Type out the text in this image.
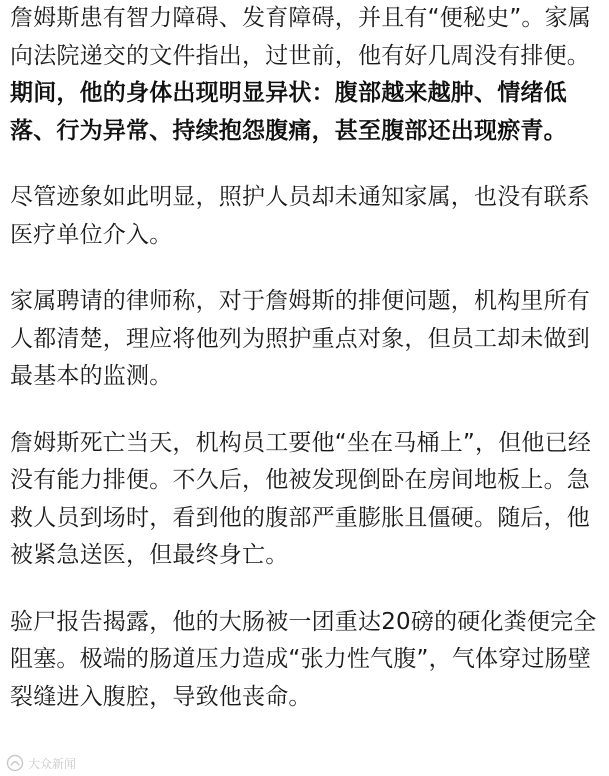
詹姆斯患有智力障碍、发育障碍，并且有“便秘史”。家属向法院递交的文件指出，过世前，他有好几周没有排便。期间，他的身体出现明显异状：腹部越来越肿、情绪低落、行为异常、持续抱怨腹痛，甚至腹部还出现瘀青。

尽管迹象如此明显，照护人员却未通知家属，也没有联系医疗单位介入。

家属聘请的律师称，对于詹姆斯的排便问题，机构里所有人都清楚，理应将他列为照护重点对象，但员工却未做到最基本的监测。

詹姆斯死亡当天，机构员工要他“坐在马桶上”，但他已经没有能力排便。不久后，他被发现倒卧在房间地板上。急救人员到场时，看到他的腹部严重膨胀且僵硬。随后，他被紧急送医，但最终身亡。

验尸报告揭露，他的大肠被一团重达20磅的硬化粪便完全阻塞。极端的肠道压力造成“张力性气腹”，气体穿过肠壁裂缝进入腹腔，导致他丧命。

大众新闻
